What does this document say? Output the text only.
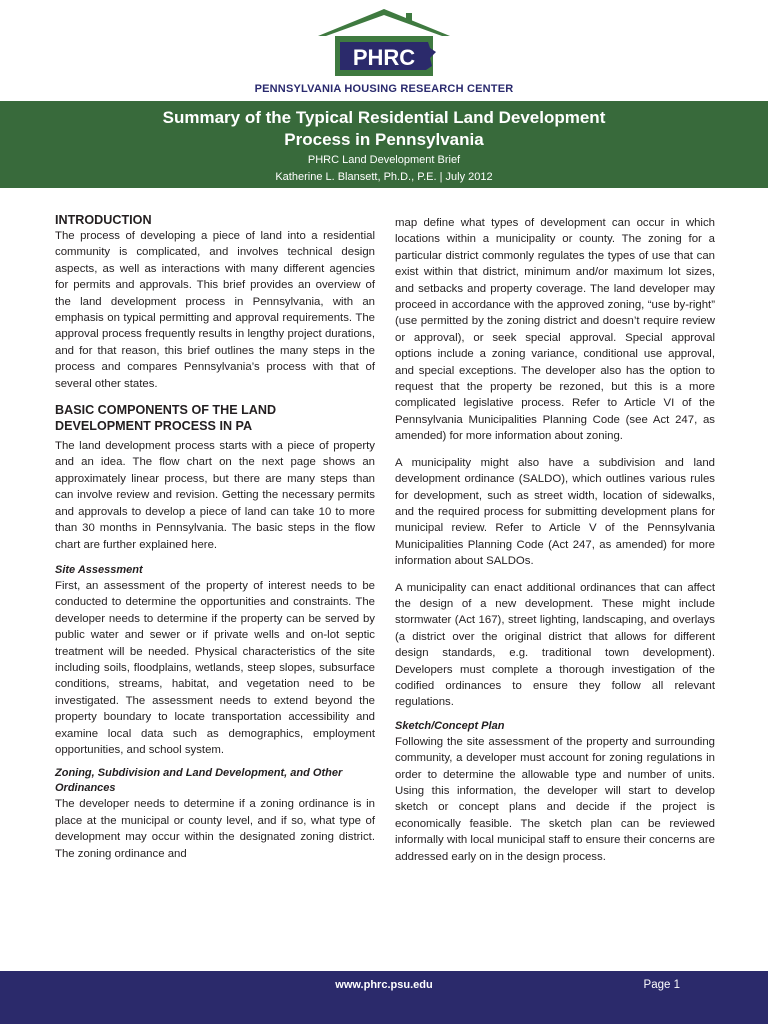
PHRC
PENNSYLVANIA HOUSING RESEARCH CENTER
Summary of the Typical Residential Land Development
Process in Pennsylvania
PHRC Land Development Brief
Katherine L. Blansett, Ph.D., P.E. | July 2012
INTRODUCTION

The process of developing a piece of land into a residential community is complicated, and involves technical design aspects, as well as interactions with many different agencies for permits and approvals. This brief provides an overview of the land development process in Pennsylvania, with an emphasis on typical permitting and approval requirements. The approval process frequently results in lengthy project durations, and for that reason, this brief outlines the many steps in the process and compares Pennsylvania’s process with that of several other states.

BASIC COMPONENTS OF THE LAND DEVELOPMENT PROCESS IN PA

The land development process starts with a piece of property and an idea. The flow chart on the next page shows an approximately linear process, but there are many steps than can involve review and revision. Getting the necessary permits and approvals to develop a piece of land can take 10 to more than 30 months in Pennsylvania. The basic steps in the flow chart are further explained here.

Site Assessment

First, an assessment of the property of interest needs to be conducted to determine the opportunities and constraints. The developer needs to determine if the property can be served by public water and sewer or if private wells and on-lot septic treatment will be needed. Physical characteristics of the site including soils, floodplains, wetlands, steep slopes, subsurface conditions, streams, habitat, and vegetation need to be investigated. The assessment needs to extend beyond the property boundary to locate transportation accessibility and examine local data such as demographics, employment opportunities, and school system.

Zoning, Subdivision and Land Development, and Other Ordinances

The developer needs to determine if a zoning ordinance is in place at the municipal or county level, and if so, what type of development may occur within the designated zoning district. The zoning ordinance and

map define what types of development can occur in which locations within a municipality or county. The zoning for a particular district commonly regulates the types of use that can exist within that district, minimum and/or maximum lot sizes, and setbacks and property coverage. The land developer may proceed in accordance with the approved zoning, “use by-right” (use permitted by the zoning district and doesn’t require review or approval), or seek special approval. Special approval options include a zoning variance, conditional use approval, and special exceptions. The developer also has the option to request that the property be rezoned, but this is a more complicated legislative process. Refer to Article VI of the Pennsylvania Municipalities Planning Code (see Act 247, as amended) for more information about zoning.

A municipality might also have a subdivision and land development ordinance (SALDO), which outlines various rules for development, such as street width, location of sidewalks, and the required process for submitting development plans for municipal review. Refer to Article V of the Pennsylvania Municipalities Planning Code (Act 247, as amended) for more information about SALDOs.

A municipality can enact additional ordinances that can affect the design of a new development. These might include stormwater (Act 167), street lighting, landscaping, and overlays (a district over the original district that allows for different design standards, e.g. traditional town development). Developers must complete a thorough investigation of the codified ordinances to ensure they follow all relevant regulations.

Sketch/Concept Plan

Following the site assessment of the property and surrounding community, a developer must account for zoning regulations in order to determine the allowable type and number of units. Using this information, the developer will start to develop sketch or concept plans and decide if the project is economically feasible. The sketch plan can be reviewed informally with local municipal staff to ensure their concerns are addressed early on in the design process.

www.phrc.psu.edu	Page 1
